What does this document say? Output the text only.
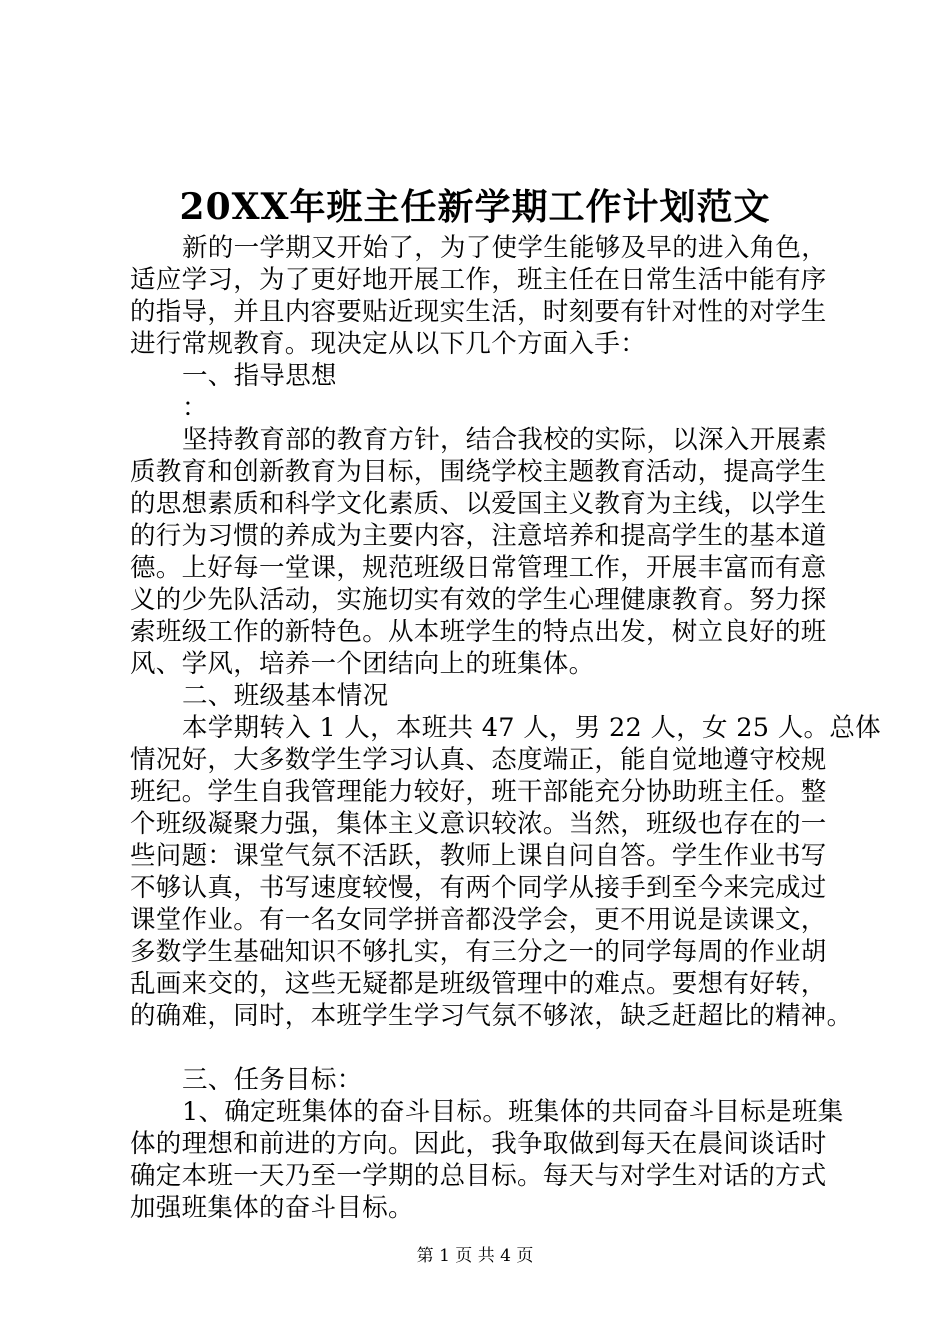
20XX年班主任新学期工作计划范文
新的一学期又开始了，为了使学生能够及早的进入角色，
适应学习，为了更好地开展工作，班主任在日常生活中能有序
的指导，并且内容要贴近现实生活，时刻要有针对性的对学生
进行常规教育。现决定从以下几个方面入手：
一、指导思想
：
坚持教育部的教育方针，结合我校的实际，以深入开展素
质教育和创新教育为目标，围绕学校主题教育活动，提高学生
的思想素质和科学文化素质、以爱国主义教育为主线，以学生
的行为习惯的养成为主要内容，注意培养和提高学生的基本道
德。上好每一堂课，规范班级日常管理工作，开展丰富而有意
义的少先队活动，实施切实有效的学生心理健康教育。努力探
索班级工作的新特色。从本班学生的特点出发，树立良好的班
风、学风，培养一个团结向上的班集体。
二、班级基本情况
本学期转入 1 人，本班共 47 人，男 22 人，女 25 人。总体
情况好，大多数学生学习认真、态度端正，能自觉地遵守校规
班纪。学生自我管理能力较好，班干部能充分协助班主任。整
个班级凝聚力强，集体主义意识较浓。当然，班级也存在的一
些问题：课堂气氛不活跃，教师上课自问自答。学生作业书写
不够认真，书写速度较慢，有两个同学从接手到至今来完成过
课堂作业。有一名女同学拼音都没学会，更不用说是读课文，
多数学生基础知识不够扎实，有三分之一的同学每周的作业胡
乱画来交的，这些无疑都是班级管理中的难点。要想有好转，
的确难，同时，本班学生学习气氛不够浓，缺乏赶超比的精神。
三、任务目标：
1、确定班集体的奋斗目标。班集体的共同奋斗目标是班集
体的理想和前进的方向。因此，我争取做到每天在晨间谈话时
确定本班一天乃至一学期的总目标。每天与对学生对话的方式
加强班集体的奋斗目标。
第 1 页 共 4 页
